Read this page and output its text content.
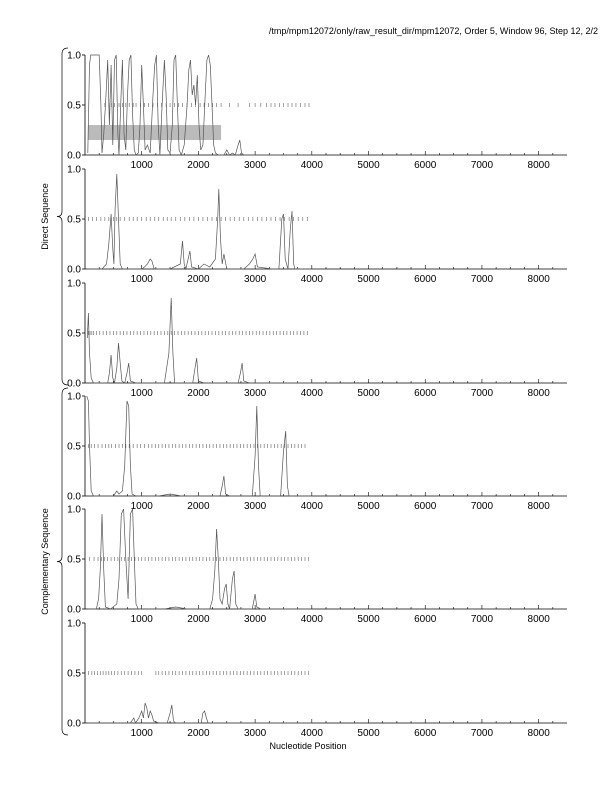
/tmp/mpm12072/only/raw_result_dir/mpm12072, Order 5, Window 96, Step 12, 2/2
0.0
0.5
1.0
1000	2000	3000	4000	5000	6000	7000	8000
0.0
0.5
1.0
1000	2000	3000	4000	5000	6000	7000	8000
0.0
0.5
1.0
1000	2000	3000	4000	5000	6000	7000	8000
0.0
0.5
1.0
1000	2000	3000	4000	5000	6000	7000	8000
0.0
0.5
1.0
1000	2000	3000	4000	5000	6000	7000	8000
0.0
0.5
1.0
1000	2000	3000	4000	5000	6000	7000	8000
Direct Sequence
Complementary Sequence
Nucleotide Position
